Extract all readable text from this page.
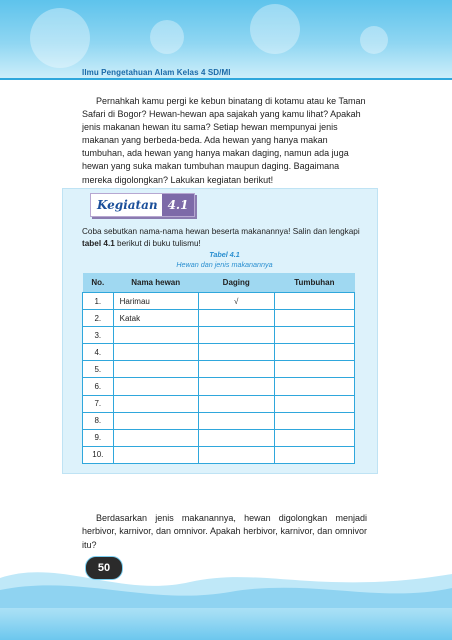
Ilmu Pengetahuan Alam Kelas 4 SD/MI

Pernahkah kamu pergi ke kebun binatang di kotamu atau ke Taman Safari di Bogor? Hewan-hewan apa sajakah yang kamu lihat? Apakah jenis makanan hewan itu sama? Setiap hewan mempunyai jenis makanan yang berbeda-beda. Ada hewan yang hanya makan tumbuhan, ada hewan yang hanya makan daging, namun ada juga hewan yang suka makan tumbuhan maupun daging. Bagaimana mereka digolongkan? Lakukan kegiatan berikut!

Kegiatan 4.1
Coba sebutkan nama-nama hewan beserta makanannya! Salin dan lengkapi tabel 4.1 berikut di buku tulismu!
Tabel 4.1
Hewan dan jenis makanannya
No.	Nama hewan	Daging	Tumbuhan
1.	Harimau	√	
2.	Katak		
3.			
4.			
5.			
6.			
7.			
8.			
9.			
10.			

Berdasarkan jenis makanannya, hewan digolongkan menjadi herbivor, karnivor, dan omnivor. Apakah herbivor, karnivor, dan omnivor itu?

50
